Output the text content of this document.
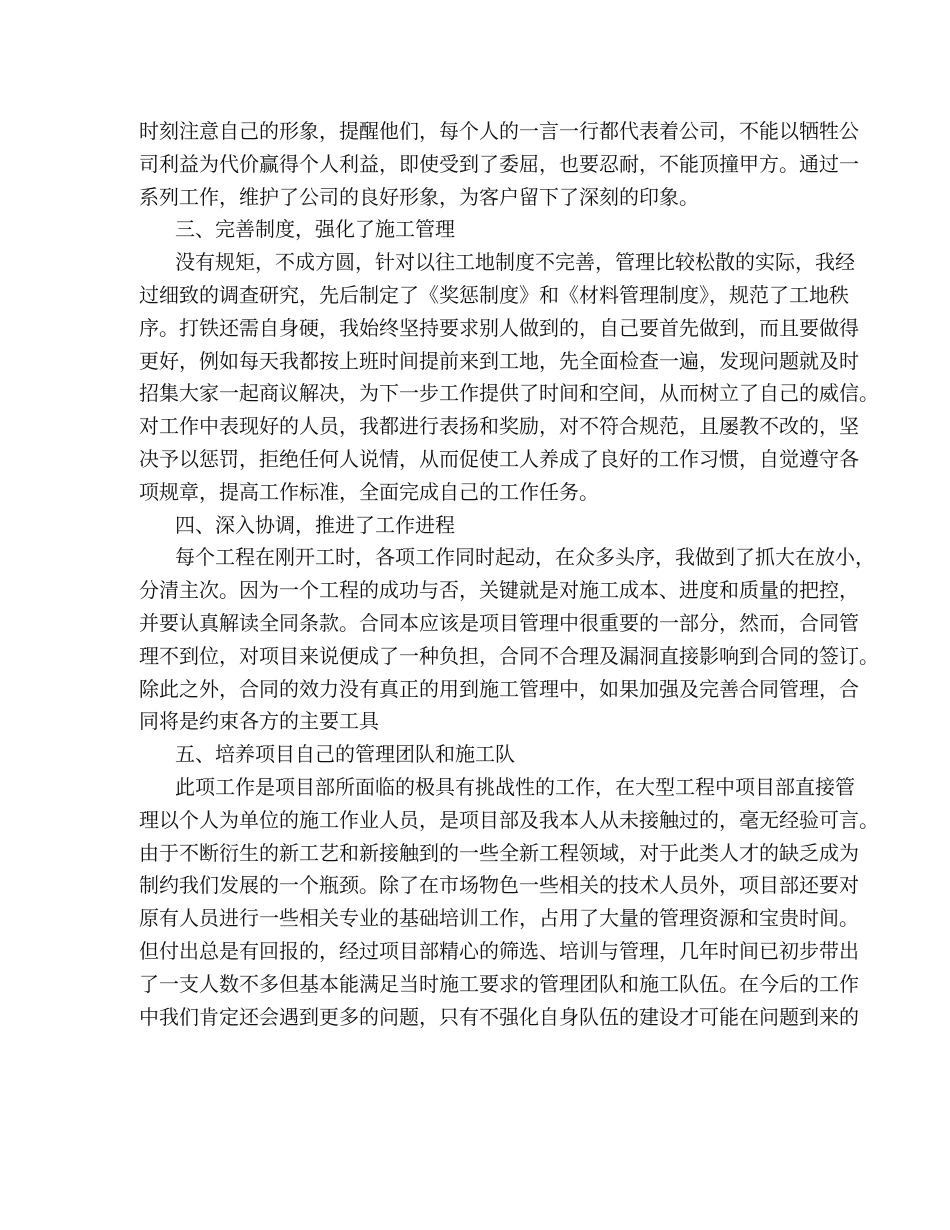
时刻注意自己的形象，提醒他们，每个人的一言一行都代表着公司，不能以牺牲公
司利益为代价赢得个人利益，即使受到了委屈，也要忍耐，不能顶撞甲方。通过一
系列工作，维护了公司的良好形象，为客户留下了深刻的印象。
三、完善制度，强化了施工管理
没有规矩，不成方圆，针对以往工地制度不完善，管理比较松散的实际，我经
过细致的调查研究，先后制定了《奖惩制度》和《材料管理制度》，规范了工地秩
序。打铁还需自身硬，我始终坚持要求别人做到的，自己要首先做到，而且要做得
更好，例如每天我都按上班时间提前来到工地，先全面检查一遍，发现问题就及时
招集大家一起商议解决，为下一步工作提供了时间和空间，从而树立了自己的威信。
对工作中表现好的人员，我都进行表扬和奖励，对不符合规范，且屡教不改的，坚
决予以惩罚，拒绝任何人说情，从而促使工人养成了良好的工作习惯，自觉遵守各
项规章，提高工作标准，全面完成自己的工作任务。
四、深入协调，推进了工作进程
每个工程在刚开工时，各项工作同时起动，在众多头序，我做到了抓大在放小，
分清主次。因为一个工程的成功与否，关键就是对施工成本、进度和质量的把控，
并要认真解读全同条款。合同本应该是项目管理中很重要的一部分，然而，合同管
理不到位，对项目来说便成了一种负担，合同不合理及漏洞直接影响到合同的签订。
除此之外，合同的效力没有真正的用到施工管理中，如果加强及完善合同管理，合
同将是约束各方的主要工具
五、培养项目自己的管理团队和施工队
此项工作是项目部所面临的极具有挑战性的工作，在大型工程中项目部直接管
理以个人为单位的施工作业人员，是项目部及我本人从未接触过的，毫无经验可言。
由于不断衍生的新工艺和新接触到的一些全新工程领域，对于此类人才的缺乏成为
制约我们发展的一个瓶颈。除了在市场物色一些相关的技术人员外，项目部还要对
原有人员进行一些相关专业的基础培训工作，占用了大量的管理资源和宝贵时间。
但付出总是有回报的，经过项目部精心的筛选、培训与管理，几年时间已初步带出
了一支人数不多但基本能满足当时施工要求的管理团队和施工队伍。在今后的工作
中我们肯定还会遇到更多的问题，只有不强化自身队伍的建设才可能在问题到来的
